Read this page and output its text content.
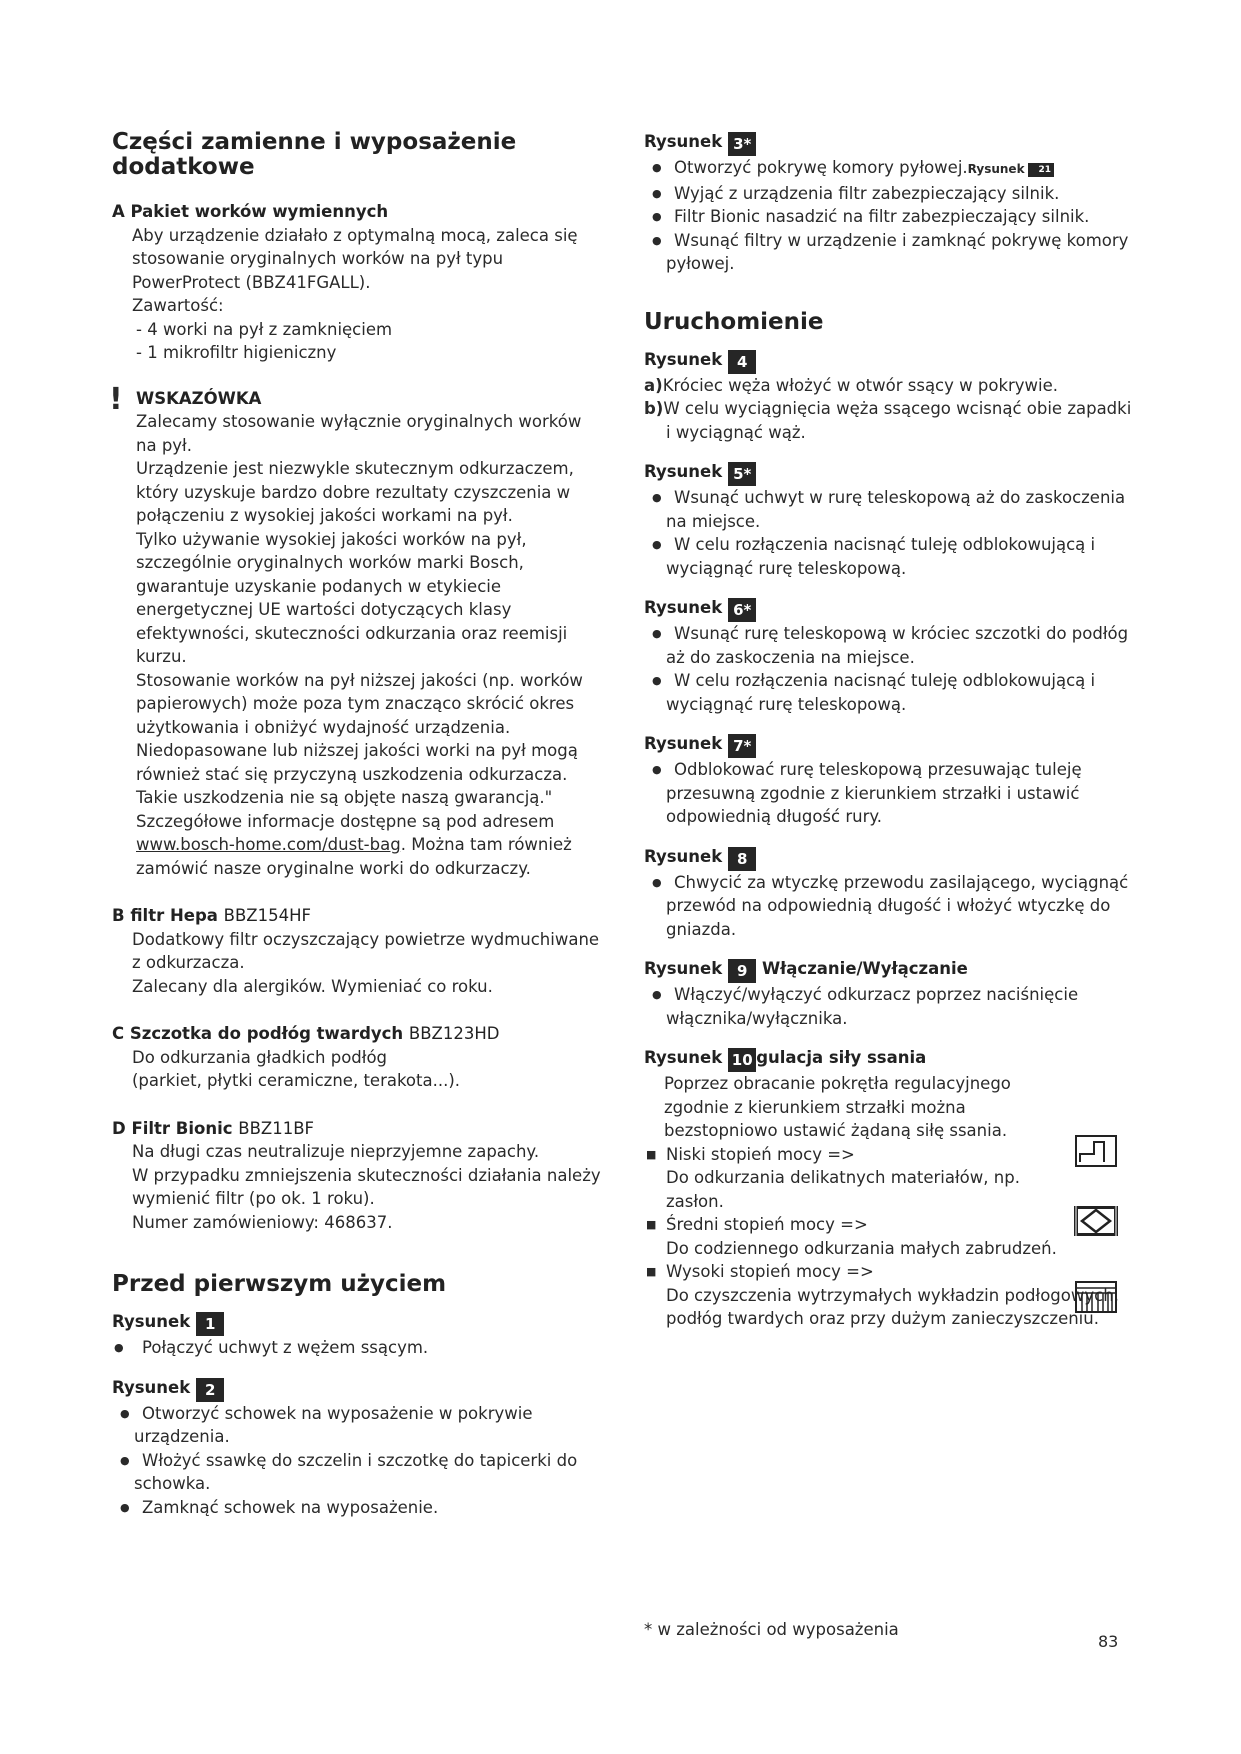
Części zamienne i wyposażenie
dodatkowe
A Pakiet worków wymiennych
Aby urządzenie działało z optymalną mocą, zaleca się stosowanie oryginalnych worków na pył typu PowerProtect (BBZ41FGALL).
Zawartość:
- 4 worki na pył z zamknięciem
- 1 mikrofiltr higieniczny
! WSKAZÓWKA
Zalecamy stosowanie wyłącznie oryginalnych worków na pył.
Urządzenie jest niezwykle skutecznym odkurzaczem, który uzyskuje bardzo dobre rezultaty czyszczenia w połączeniu z wysokiej jakości workami na pył.
Tylko używanie wysokiej jakości worków na pył, szczególnie oryginalnych worków marki Bosch, gwarantuje uzyskanie podanych w etykiecie energetycznej UE wartości dotyczących klasy efektywności, skuteczności odkurzania oraz reemisji kurzu.
Stosowanie worków na pył niższej jakości (np. worków papierowych) może poza tym znacząco skrócić okres użytkowania i obniżyć wydajność urządzenia. Niedopasowane lub niższej jakości worki na pył mogą również stać się przyczyną uszkodzenia odkurzacza. Takie uszkodzenia nie są objęte naszą gwarancją."
Szczegółowe informacje dostępne są pod adresem www.bosch-home.com/dust-bag. Można tam również zamówić nasze oryginalne worki do odkurzaczy.
B filtr Hepa BBZ154HF
Dodatkowy filtr oczyszczający powietrze wydmuchiwane z odkurzacza.
Zalecany dla alergików. Wymieniać co roku.
C Szczotka do podłóg twardych BBZ123HD
Do odkurzania gładkich podłóg
(parkiet, płytki ceramiczne, terakota...).
D Filtr Bionic BBZ11BF
Na długi czas neutralizuje nieprzyjemne zapachy.
W przypadku zmniejszenia skuteczności działania należy wymienić filtr (po ok. 1 roku).
Numer zamówieniowy: 468637.
Przed pierwszym użyciem
Rysunek 1
● Połączyć uchwyt z wężem ssącym.
Rysunek 2
● Otworzyć schowek na wyposażenie w pokrywie urządzenia.
● Włożyć ssawkę do szczelin i szczotkę do tapicerki do schowka.
● Zamknąć schowek na wyposażenie.
Rysunek 3*
● Otworzyć pokrywę komory pyłowej.Rysunek 21
● Wyjąć z urządzenia filtr zabezpieczający silnik.
● Filtr Bionic nasadzić na filtr zabezpieczający silnik.
● Wsunąć filtry w urządzenie i zamknąć pokrywę komory pyłowej.
Uruchomienie
Rysunek 4
a)Króciec węża włożyć w otwór ssący w pokrywie.
b)W celu wyciągnięcia węża ssącego wcisnąć obie zapadki i wyciągnąć wąż.
Rysunek 5*
● Wsunąć uchwyt w rurę teleskopową aż do zaskoczenia na miejsce.
● W celu rozłączenia nacisnąć tuleję odblokowującą i wyciągnąć rurę teleskopową.
Rysunek 6*
● Wsunąć rurę teleskopową w króciec szczotki do podłóg aż do zaskoczenia na miejsce.
● W celu rozłączenia nacisnąć tuleję odblokowującą i wyciągnąć rurę teleskopową.
Rysunek 7*
● Odblokować rurę teleskopową przesuwając tuleję przesuwną zgodnie z kierunkiem strzałki i ustawić odpowiednią długość rury.
Rysunek 8
● Chwycić za wtyczkę przewodu zasilającego, wyciągnąć przewód na odpowiednią długość i włożyć wtyczkę do gniazda.
Rysunek 9 Włączanie/Wyłączanie
● Włączyć/wyłączyć odkurzacz poprzez naciśnięcie włącznika/wyłącznika.
Rysunek 10 gulacja siły ssania
Poprzez obracanie pokrętła regulacyjnego zgodnie z kierunkiem strzałki można bezstopniowo ustawić żądaną siłę ssania.
■ Niski stopień mocy =>
Do odkurzania delikatnych materiałów, np. zasłon.
■ Średni stopień mocy =>
Do codziennego odkurzania małych zabrudzeń.
■ Wysoki stopień mocy =>
Do czyszczenia wytrzymałych wykładzin podłogowych, podłóg twardych oraz przy dużym zanieczyszczeniu.
* w zależności od wyposażenia
83
